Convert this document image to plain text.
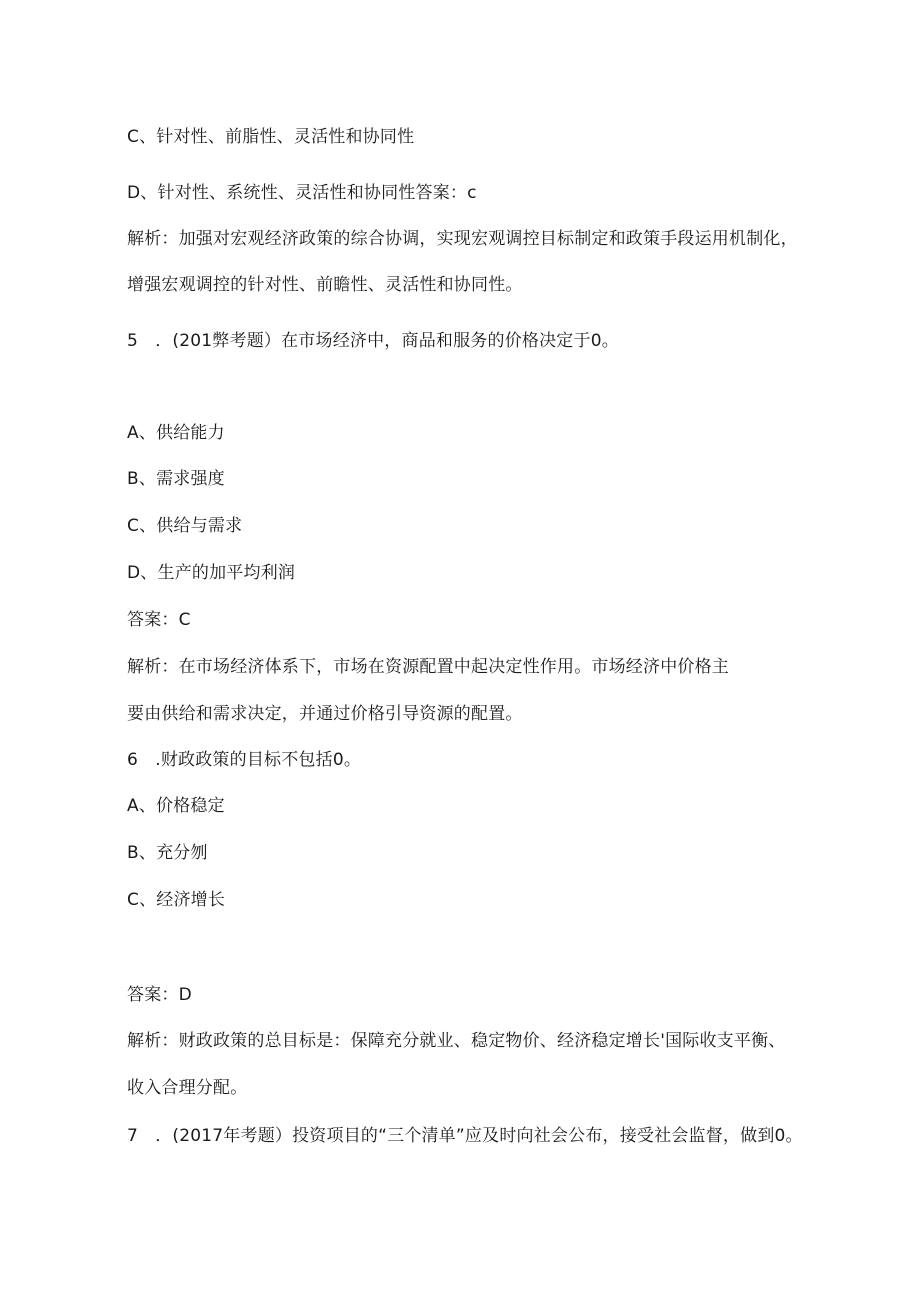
C、针对性、前脂性、灵活性和协同性
D、针对性、系统性、灵活性和协同性答案：c
解析：加强对宏观经济政策的综合协调，实现宏观调控目标制定和政策手段运用机制化，
增强宏观调控的针对性、前瞻性、灵活性和协同性。
5　．(201弊考题）在市场经济中，商品和服务的价格决定于0。
A、供给能力
B、需求强度
C、供给与需求
D、生产的加平均利润
答案：C
解析：在市场经济体系下，市场在资源配置中起决定性作用。市场经济中价格主
要由供给和需求决定，并通过价格引导资源的配置。
6　.财政政策的目标不包括0。
A、价格稳定
B、充分刎
C、经济增长
答案：D
解析：财政政策的总目标是：保障充分就业、稳定物价、经济稳定增长'国际收支平衡、
收入合理分配。
7　．(2017年考题）投资项目的“三个清单”应及时向社会公布，接受社会监督，做到0。
